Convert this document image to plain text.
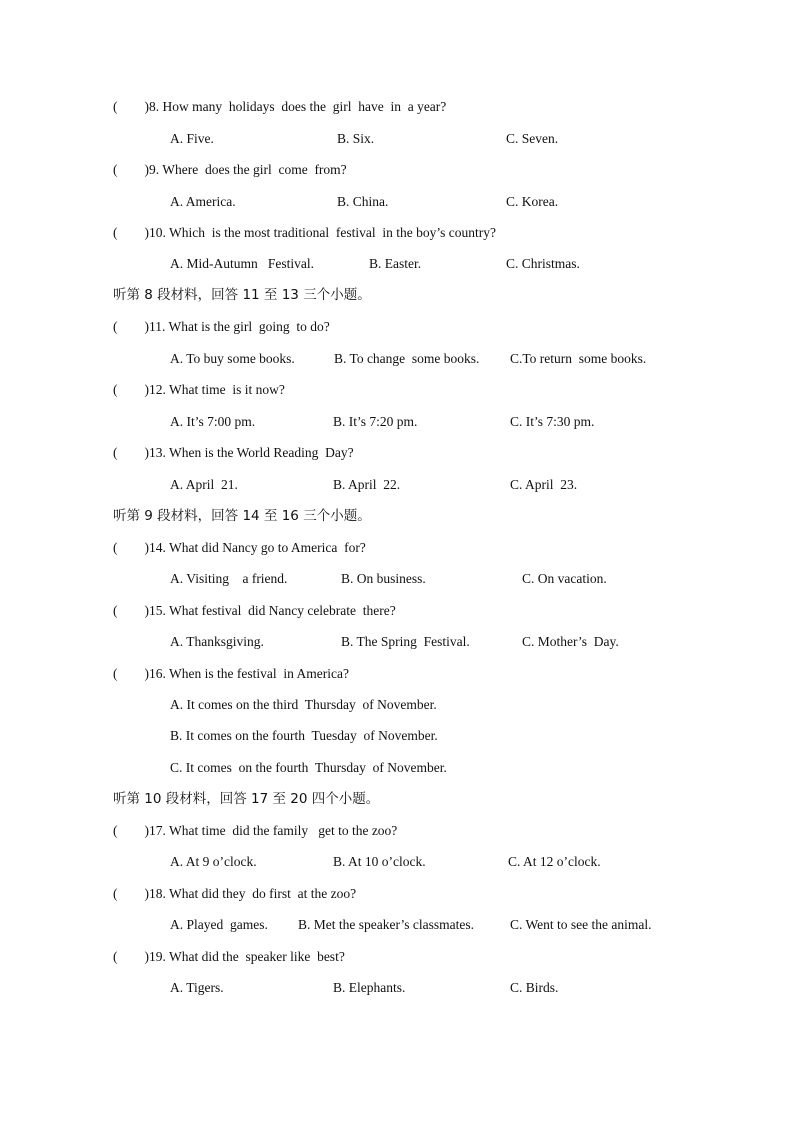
(        )8. How many  holidays  does the  girl  have  in  a year?
A. Five.	B. Six.	C. Seven.
(        )9. Where  does the girl  come  from?
A. America.	B. China.	C. Korea.
(        )10. Which  is the most traditional  festival  in the boy’s country?
A. Mid-Autumn   Festival.	B. Easter.	C. Christmas.
听第 8 段材料，回答 11 至 13 三个小题。
(        )11. What is the girl  going  to do?
A. To buy some books.	B. To change  some books. C.To return  some books.
(        )12. What time  is it now?
A. It’s 7:00 pm.	B. It’s 7:20 pm.	C. It’s 7:30 pm.
(        )13. When is the World Reading  Day?
A. April  21.	B. April  22.	C. April  23.
听第 9 段材料，回答 14 至 16 三个小题。
(        )14. What did Nancy go to America  for?
A. Visiting    a friend.	B. On business.	C. On vacation.
(        )15. What festival  did Nancy celebrate  there?
A. Thanksgiving.	B. The Spring  Festival.	C. Mother’s  Day.
(        )16. When is the festival  in America?
A. It comes on the third  Thursday  of November.
B. It comes on the fourth  Tuesday  of November.
C. It comes  on the fourth  Thursday  of November.
听第 10 段材料，回答 17 至 20 四个小题。
(        )17. What time  did the family   get to the zoo?
A. At 9 o’clock.	B. At 10 o’clock.	C. At 12 o’clock.
(        )18. What did they  do first  at the zoo?
A. Played  games. B. Met the speaker’s classmates.	C. Went to see the animal.
(        )19. What did the  speaker like  best?
A. Tigers.	B. Elephants.	C. Birds.
